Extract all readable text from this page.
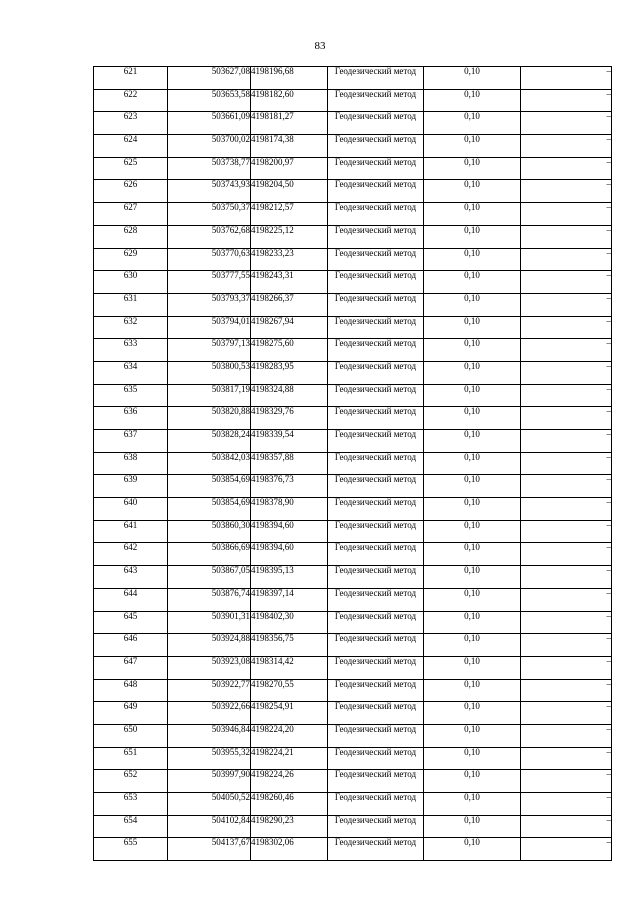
83
621	503627,08	4198196,68	Геодезический метод	0,10	–
622	503653,58	4198182,60	Геодезический метод	0,10	–
623	503661,09	4198181,27	Геодезический метод	0,10	–
624	503700,02	4198174,38	Геодезический метод	0,10	–
625	503738,77	4198200,97	Геодезический метод	0,10	–
626	503743,93	4198204,50	Геодезический метод	0,10	–
627	503750,37	4198212,57	Геодезический метод	0,10	–
628	503762,68	4198225,12	Геодезический метод	0,10	–
629	503770,63	4198233,23	Геодезический метод	0,10	–
630	503777,55	4198243,31	Геодезический метод	0,10	–
631	503793,37	4198266,37	Геодезический метод	0,10	–
632	503794,01	4198267,94	Геодезический метод	0,10	–
633	503797,13	4198275,60	Геодезический метод	0,10	–
634	503800,53	4198283,95	Геодезический метод	0,10	–
635	503817,19	4198324,88	Геодезический метод	0,10	–
636	503820,88	4198329,76	Геодезический метод	0,10	–
637	503828,24	4198339,54	Геодезический метод	0,10	–
638	503842,03	4198357,88	Геодезический метод	0,10	–
639	503854,69	4198376,73	Геодезический метод	0,10	–
640	503854,69	4198378,90	Геодезический метод	0,10	–
641	503860,30	4198394,60	Геодезический метод	0,10	–
642	503866,69	4198394,60	Геодезический метод	0,10	–
643	503867,05	4198395,13	Геодезический метод	0,10	–
644	503876,74	4198397,14	Геодезический метод	0,10	–
645	503901,31	4198402,30	Геодезический метод	0,10	–
646	503924,88	4198356,75	Геодезический метод	0,10	–
647	503923,08	4198314,42	Геодезический метод	0,10	–
648	503922,77	4198270,55	Геодезический метод	0,10	–
649	503922,66	4198254,91	Геодезический метод	0,10	–
650	503946,84	4198224,20	Геодезический метод	0,10	–
651	503955,32	4198224,21	Геодезический метод	0,10	–
652	503997,90	4198224,26	Геодезический метод	0,10	–
653	504050,52	4198260,46	Геодезический метод	0,10	–
654	504102,84	4198290,23	Геодезический метод	0,10	–
655	504137,67	4198302,06	Геодезический метод	0,10	–
